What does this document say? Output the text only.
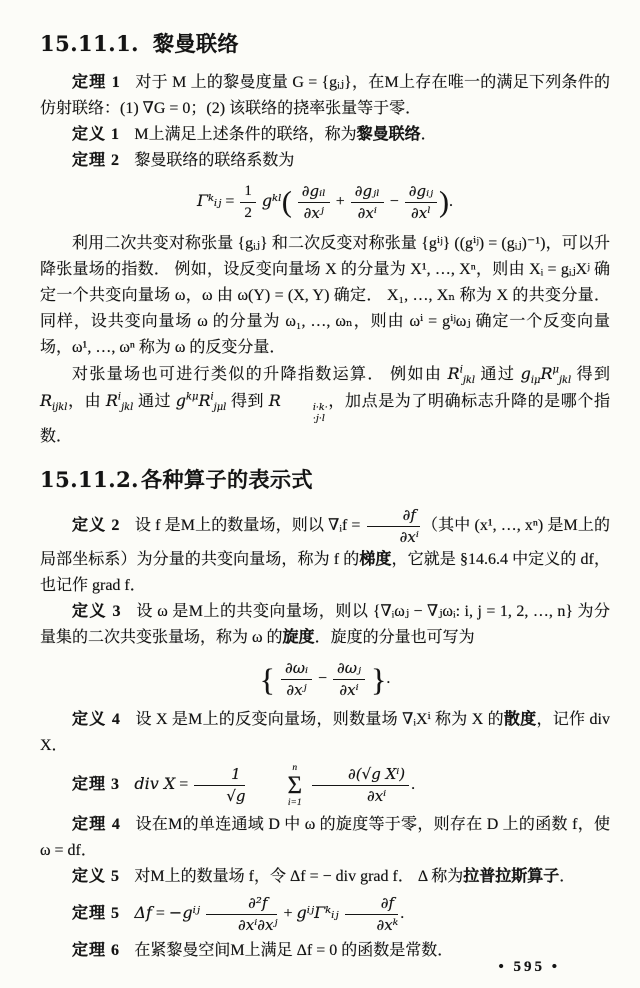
15.11.1. 黎曼联络

定理 1 对于 M 上的黎曼度量 G = {gᵢⱼ}，在M上存在唯一的满足下列条件的仿射联络：(1) ∇G = 0；(2) 该联络的挠率张量等于零．

定义 1 M上满足上述条件的联络，称为黎曼联络．

定理 2 黎曼联络的联络系数为

Γᵏᵢⱼ = $\frac{1}{2}$ gᵏˡ( $\frac{\text{∂gᵢₗ}}{\text{∂xʲ}} + \frac{\text{∂gⱼₗ}}{\text{∂xⁱ}} - \frac{\text{∂gᵢⱼ}}{\text{∂xˡ}}$ ).

利用二次共变对称张量 {gᵢⱼ} 和二次反变对称张量 {gⁱʲ} ((gⁱʲ) = (gᵢⱼ)⁻¹)，可以升降张量场的指数． 例如，设反变向量场 X 的分量为 X¹, …, Xⁿ，则由 Xᵢ = gᵢⱼXʲ 确定一个共变向量场 ω，ω 由 ω(Y) = (X, Y) 确定． X₁, …, Xₙ 称为 X 的共变分量． 同样，设共变向量场 ω 的分量为 ω₁, …, ωₙ，则由 ωⁱ = gⁱʲωⱼ 确定一个反变向量场，ω¹, …, ωⁿ 称为 ω 的反变分量．

对张量场也可进行类似的升降指数运算． 例如由 $R^i_{jkl}$ 通过 $g_{i\mu}R^\mu_{jkl}$ 得到 $R_{ijkl}$，由 $R^i_{jkl}$ 通过 $g^{k\mu}R^i_{j\mu l}$ 得到 R	i·k·
·j·l
，加点是为了明确标志升降的是哪个指数．

15.11.2.各种算子的表示式

定义 2 设 f 是M上的数量场，则以 ∇ᵢf = $\frac{\partial f}{\text{∂xⁱ}}$ （其中 (x¹, …, xⁿ) 是M上的局部坐标系）为分量的共变向量场，称为 f 的梯度，它就是 §14.6.4 中定义的 df，也记作 grad f．

定义 3 设 ω 是M上的共变向量场，则以 {∇ᵢωⱼ − ∇ⱼωᵢ: i, j = 1, 2, …, n} 为分量集的二次共变张量场，称为 ω 的旋度．旋度的分量也可写为

{ $\frac{\text{∂ωᵢ}}{\text{∂xʲ}} - \frac{\text{∂ωⱼ}}{\text{∂xⁱ}}$ }.

定义 4 设 X 是M上的反变向量场，则数量场 ∇ᵢXⁱ 称为 X 的散度，记作 div X．

定理 3 div $X = \frac{1}{√g}$
	n
Σ
i=1
$\frac{\text{∂(√g Xⁱ)}}{\text{∂xⁱ}}$ .

定理 4 设在M的单连通域 D 中 ω 的旋度等于零，则存在 D 上的函数 f，使 ω = df．

定义 5 对M上的数量场 f，令 Δf = − div grad f． Δ 称为拉普拉斯算子．

定理 5 Δf = −gⁱʲ $\frac{\text{∂²f}}{\text{∂xⁱ∂xʲ}}$ + gⁱʲΓᵏᵢⱼ $\frac{\partial f}{\text{∂xᵏ}}$ .

定理 6 在紧黎曼空间M上满足 Δf = 0 的函数是常数．

• 595 •
